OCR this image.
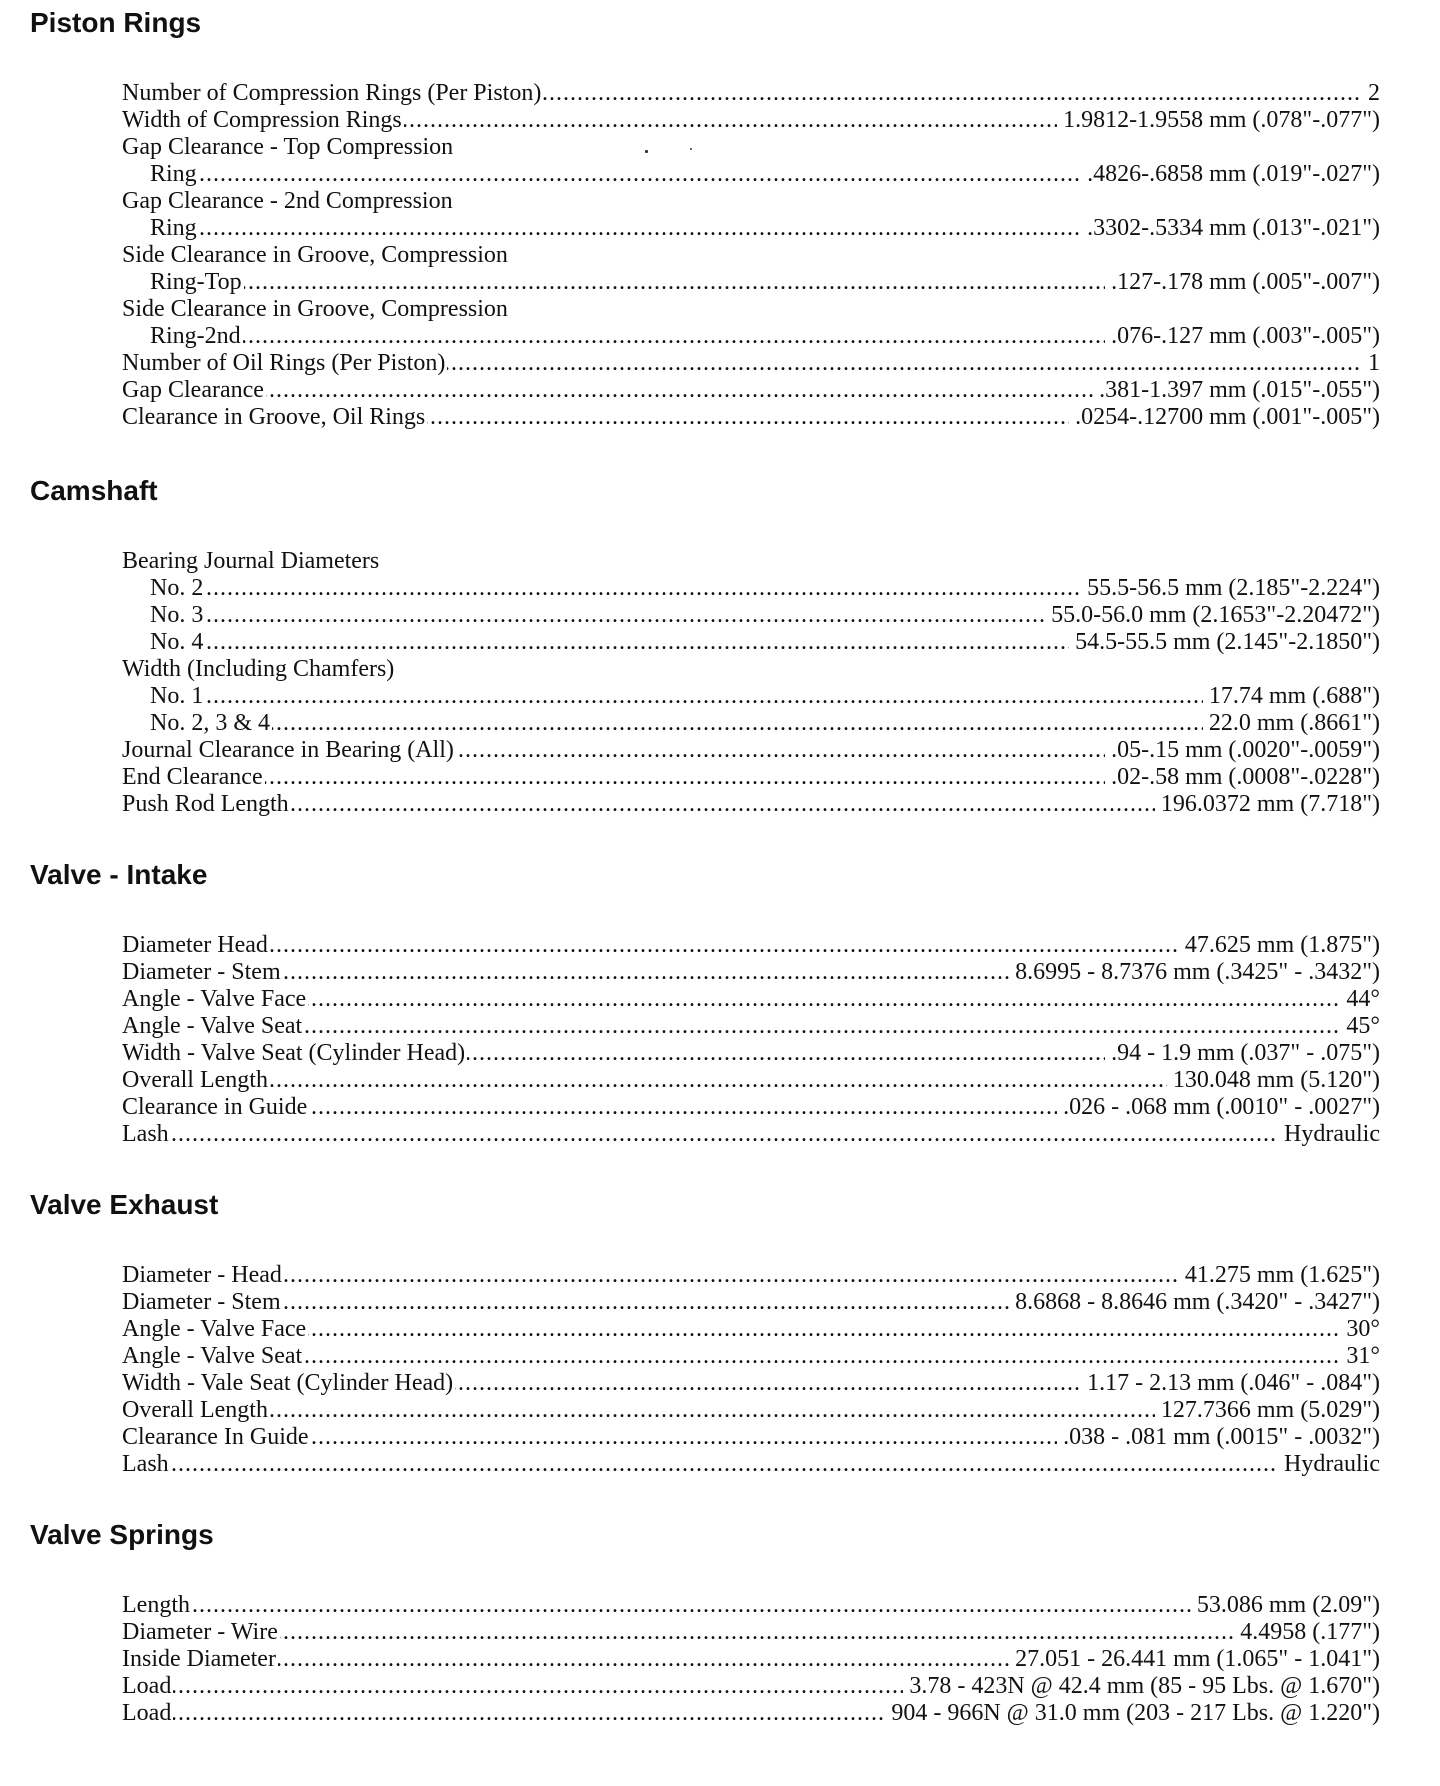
Piston Rings
Number of Compression Rings (Per Piston)	2
.....
Width of Compression Rings	1.9812-1.9558 mm (.078"-.077")
.....
Gap Clearance - Top Compression
Ring	.4826-.6858 mm (.019"-.027")
.....
Gap Clearance - 2nd Compression
Ring	.3302-.5334 mm (.013"-.021")
.....
Side Clearance in Groove, Compression
Ring-Top	.127-.178 mm (.005"-.007")
.....
Side Clearance in Groove, Compression
Ring-2nd	.076-.127 mm (.003"-.005")
.....
Number of Oil Rings (Per Piston)	1
.....
Gap Clearance	.381-1.397 mm (.015"-.055")
.....
Clearance in Groove, Oil Rings	.0254-.12700 mm (.001"-.005")
.....
Camshaft
Bearing Journal Diameters
No. 2	55.5-56.5 mm (2.185"-2.224")
.....
No. 3	55.0-56.0 mm (2.1653"-2.20472")
.....
No. 4	54.5-55.5 mm (2.145"-2.1850")
.....
Width (Including Chamfers)
No. 1	17.74 mm (.688")
.....
No. 2, 3 & 4	22.0 mm (.8661")
.....
Journal Clearance in Bearing (All)	.05-.15 mm (.0020"-.0059")
.....
End Clearance	.02-.58 mm (.0008"-.0228")
.....
Push Rod Length	196.0372 mm (7.718")
.....
Valve - Intake
Diameter Head	47.625 mm (1.875")
.....
Diameter - Stem	8.6995 - 8.7376 mm (.3425" - .3432")
.....
Angle - Valve Face	44°
.....
Angle - Valve Seat	45°
.....
Width - Valve Seat (Cylinder Head)	.94 - 1.9 mm (.037" - .075")
.....
Overall Length	130.048 mm (5.120")
.....
Clearance in Guide	.026 - .068 mm (.0010" - .0027")
.....
Lash	Hydraulic
.....
Valve Exhaust
Diameter - Head	41.275 mm (1.625")
.....
Diameter - Stem	8.6868 - 8.8646 mm (.3420" - .3427")
.....
Angle - Valve Face	30°
.....
Angle - Valve Seat	31°
.....
Width - Vale Seat (Cylinder Head)	1.17 - 2.13 mm (.046" - .084")
.....
Overall Length	127.7366 mm (5.029")
.....
Clearance In Guide	.038 - .081 mm (.0015" - .0032")
.....
Lash	Hydraulic
.....
Valve Springs
Length	53.086 mm (2.09")
.....
Diameter - Wire	4.4958 (.177")
.....
Inside Diameter	27.051 - 26.441 mm (1.065" - 1.041")
.....
Load	3.78 - 423N @ 42.4 mm (85 - 95 Lbs. @ 1.670")
.....
Load	904 - 966N @ 31.0 mm (203 - 217 Lbs. @ 1.220")
.....
